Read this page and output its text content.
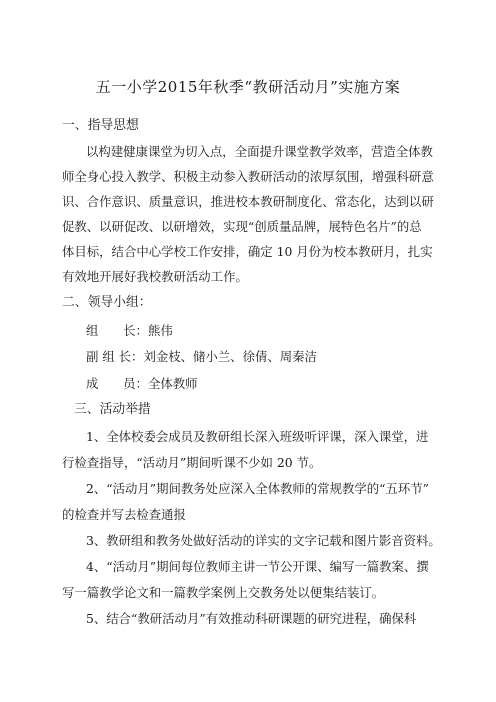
五一小学2015年秋季“教研活动月”实施方案
一、指导思想
以构建健康课堂为切入点，全面提升课堂教学效率，营造全体教
师全身心投入教学、积极主动参入教研活动的浓厚氛围，增强科研意
识、合作意识、质量意识，推进校本教研制度化、常态化，达到以研
促教、以研促改、以研增效，实现“创质量品牌，展特色名片”的总
体目标，结合中心学校工作安排，确定 10 月份为校本教研月，扎实
有效地开展好我校教研活动工作。
二、领导小组：
组　　长：熊伟
副 组 长：刘金枝、储小兰、徐倩、周秦洁
成　　员：全体教师
三、活动举措
1、全体校委会成员及教研组长深入班级听评课，深入课堂，进
行检查指导，“活动月”期间听课不少如 20 节。
2、“活动月”期间教务处应深入全体教师的常规教学的“五环节”
的检查并写去检查通报
3、教研组和教务处做好活动的详实的文字记载和图片影音资料。
4、“活动月”期间每位教师主讲一节公开课、编写一篇教案、撰
写一篇教学论文和一篇教学案例上交教务处以便集结装订。
5、结合“教研活动月”有效推动科研课题的研究进程，确保科
